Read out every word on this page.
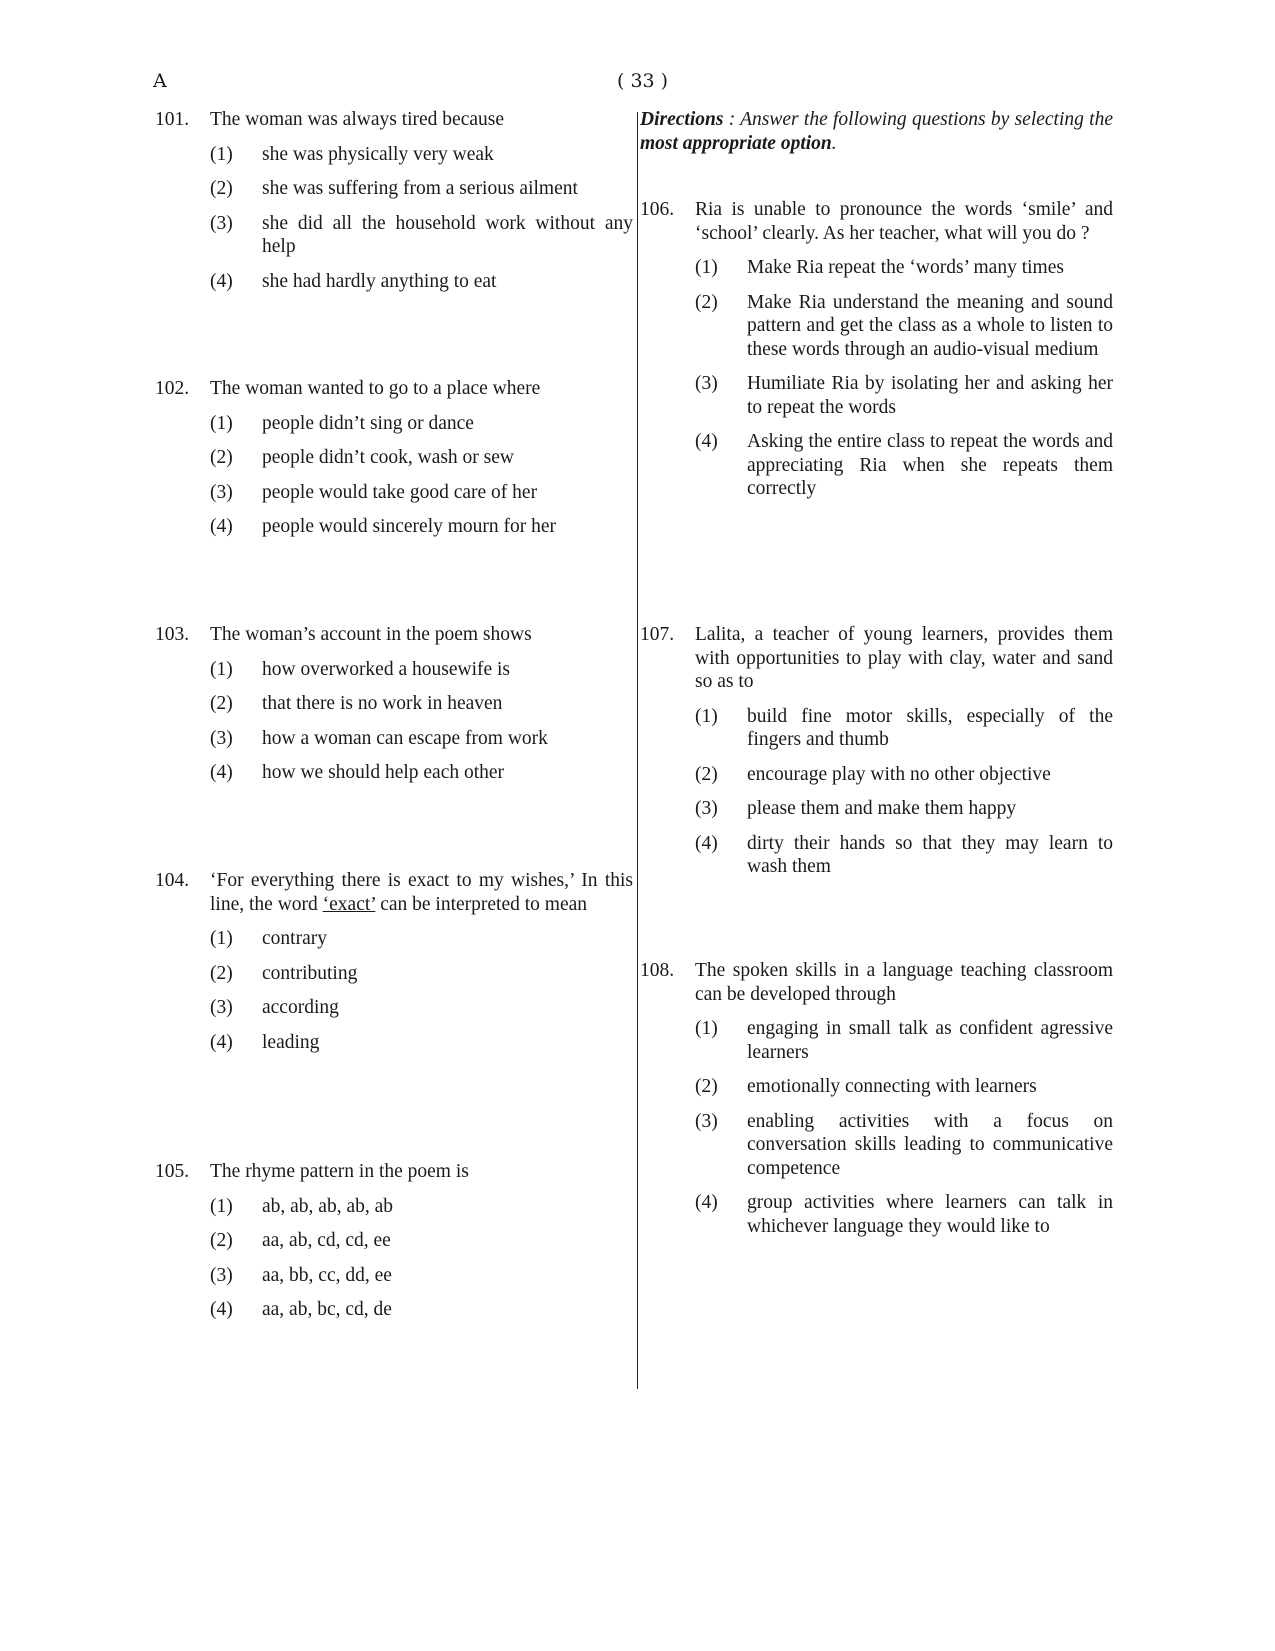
A	( 33 )
101.	The woman was always tired because
(1)	she was physically very weak
(2)	she was suffering from a serious ailment
(3)	she did all the household work without any help
(4)	she had hardly anything to eat
102.	The woman wanted to go to a place where
(1)	people didn’t sing or dance
(2)	people didn’t cook, wash or sew
(3)	people would take good care of her
(4)	people would sincerely mourn for her
103.	The woman’s account in the poem shows
(1)	how overworked a housewife is
(2)	that there is no work in heaven
(3)	how a woman can escape from work
(4)	how we should help each other
104.	‘For everything there is exact to my wishes,’ In this line, the word ‘exact’ can be interpreted to mean
(1)	contrary
(2)	contributing
(3)	according
(4)	leading
105.	The rhyme pattern in the poem is
(1)	ab, ab, ab, ab, ab
(2)	aa, ab, cd, cd, ee
(3)	aa, bb, cc, dd, ee
(4)	aa, ab, bc, cd, de
Directions : Answer the following questions by selecting the most appropriate option.
106.	Ria is unable to pronounce the words ‘smile’ and ‘school’ clearly. As her teacher, what will you do ?
(1)	Make Ria repeat the ‘words’ many times
(2)	Make Ria understand the meaning and sound pattern and get the class as a whole to listen to these words through an audio-visual medium
(3)	Humiliate Ria by isolating her and asking her to repeat the words
(4)	Asking the entire class to repeat the words and appreciating Ria when she repeats them correctly
107.	Lalita, a teacher of young learners, provides them with opportunities to play with clay, water and sand so as to
(1)	build fine motor skills, especially of the fingers and thumb
(2)	encourage play with no other objective
(3)	please them and make them happy
(4)	dirty their hands so that they may learn to wash them
108.	The spoken skills in a language teaching classroom can be developed through
(1)	engaging in small talk as confident agressive learners
(2)	emotionally connecting with learners
(3)	enabling activities with a focus on conversation skills leading to communicative competence
(4)	group activities where learners can talk in whichever language they would like to
